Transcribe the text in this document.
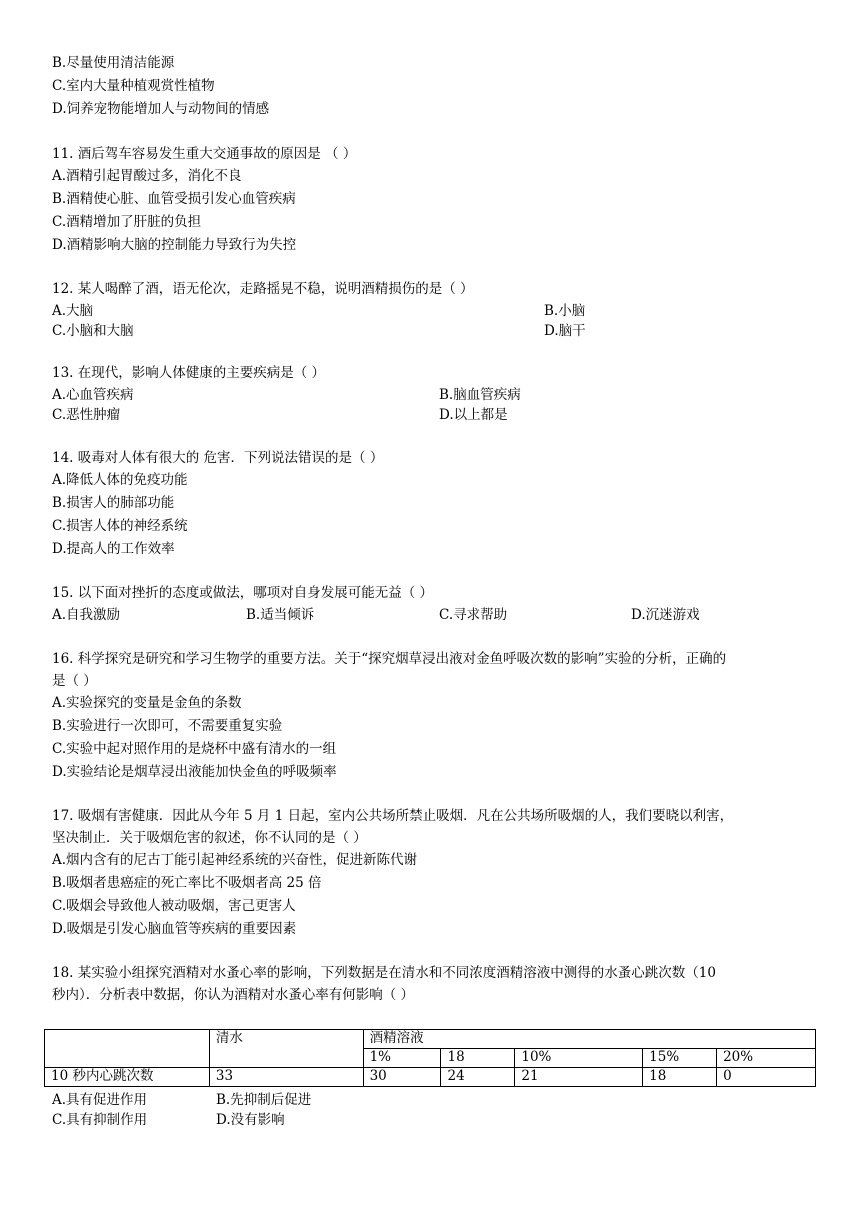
B.尽量使用清洁能源
C.室内大量种植观赏性植物
D.饲养宠物能增加人与动物间的情感
11. 酒后驾车容易发生重大交通事故的原因是 （ ）
A.酒精引起胃酸过多，消化不良
B.酒精使心脏、血管受损引发心血管疾病
C.酒精增加了肝脏的负担
D.酒精影响大脑的控制能力导致行为失控
12. 某人喝醉了酒，语无伦次，走路摇晃不稳，说明酒精损伤的是（ ）
A.大脑	B.小脑
C.小脑和大脑	D.脑干
13. 在现代，影响人体健康的主要疾病是（ ）
A.心血管疾病	B.脑血管疾病
C.恶性肿瘤	D.以上都是
14. 吸毒对人体有很大的 危害．下列说法错误的是（ ）
A.降低人体的免疫功能
B.损害人的肺部功能
C.损害人体的神经系统
D.提高人的工作效率
15. 以下面对挫折的态度或做法，哪项对自身发展可能无益（ ）
A.自我激励	B.适当倾诉	C.寻求帮助	D.沉迷游戏
16. 科学探究是研究和学习生物学的重要方法。关于“探究烟草浸出液对金鱼呼吸次数的影响”实验的分析，正确的
是（ ）
A.实验探究的变量是金鱼的条数
B.实验进行一次即可，不需要重复实验
C.实验中起对照作用的是烧杯中盛有清水的一组
D.实验结论是烟草浸出液能加快金鱼的呼吸频率
17. 吸烟有害健康．因此从今年 5 月 1 日起，室内公共场所禁止吸烟．凡在公共场所吸烟的人，我们要晓以利害，
坚决制止．关于吸烟危害的叙述，你不认同的是（ ）
A.烟内含有的尼古丁能引起神经系统的兴奋性，促进新陈代谢
B.吸烟者患癌症的死亡率比不吸烟者高 25 倍
C.吸烟会导致他人被动吸烟，害己更害人
D.吸烟是引发心脑血管等疾病的重要因素
18. 某实验小组探究酒精对水蚤心率的影响，下列数据是在清水和不同浓度酒精溶液中测得的水蚤心跳次数（10
秒内）．分析表中数据，你认为酒精对水蚤心率有何影响（ ）
	清水	酒精溶液				
		1%	18	10%	15%	20%
10 秒内心跳次数	33	30	24	21	18	0
A.具有促进作用	B.先抑制后促进
C.具有抑制作用	D.没有影响
